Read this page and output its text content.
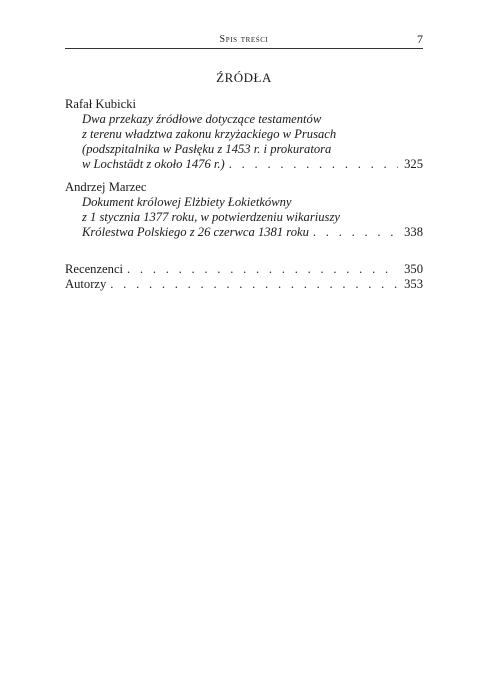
Spis treści	7
ŹRÓDŁA
Rafał Kubicki
Dwa przekazy źródłowe dotyczące testamentów
z terenu władztwa zakonu krzyżackiego w Prusach
(podszpitalnika w Pasłęku z 1453 r. i prokuratora
w Lochstädt z około 1476 r.) . . .	325
Andrzej Marzec
Dokument królowej Elżbiety Łokietkówny
z 1 stycznia 1377 roku, w potwierdzeniu wikariuszy
Królestwa Polskiego z 26 czerwca 1381 roku . . .	338
Recenzenci . . .	350
Autorzy . . .	353
